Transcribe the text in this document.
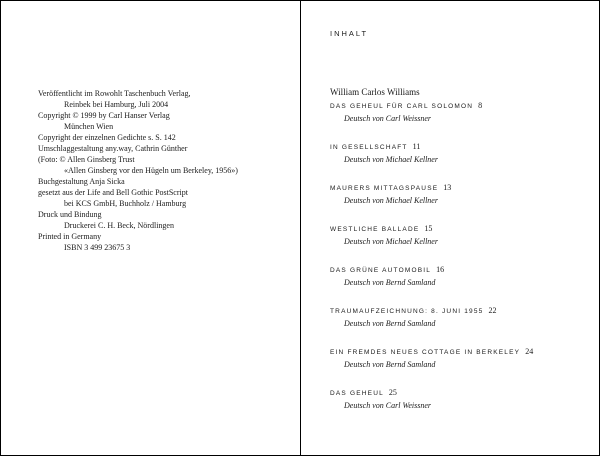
Veröffentlicht im Rowohlt Taschenbuch Verlag,
Reinbek bei Hamburg, Juli 2004
Copyright © 1999 by Carl Hanser Verlag
München Wien
Copyright der einzelnen Gedichte s. S. 142
Umschlaggestaltung any.way, Cathrin Günther
(Foto: © Allen Ginsberg Trust
«Allen Ginsberg vor den Hügeln um Berkeley, 1956»)
Buchgestaltung Anja Sicka
gesetzt aus der Life and Bell Gothic PostScript
bei KCS GmbH, Buchholz / Hamburg
Druck und Bindung
Druckerei C. H. Beck, Nördlingen
Printed in Germany
ISBN 3 499 23675 3
INHALT
William Carlos Williams
DAS GEHEUL FÜR CARL SOLOMON 8
Deutsch von Carl Weissner
IN GESELLSCHAFT 11
Deutsch von Michael Kellner
MAURERS MITTAGSPAUSE 13
Deutsch von Michael Kellner
WESTLICHE BALLADE 15
Deutsch von Michael Kellner
DAS GRÜNE AUTOMOBIL 16
Deutsch von Bernd Samland
TRAUMAUFZEICHNUNG: 8. JUNI 1955 22
Deutsch von Bernd Samland
EIN FREMDES NEUES COTTAGE IN BERKELEY 24
Deutsch von Bernd Samland
DAS GEHEUL 25
Deutsch von Carl Weissner
